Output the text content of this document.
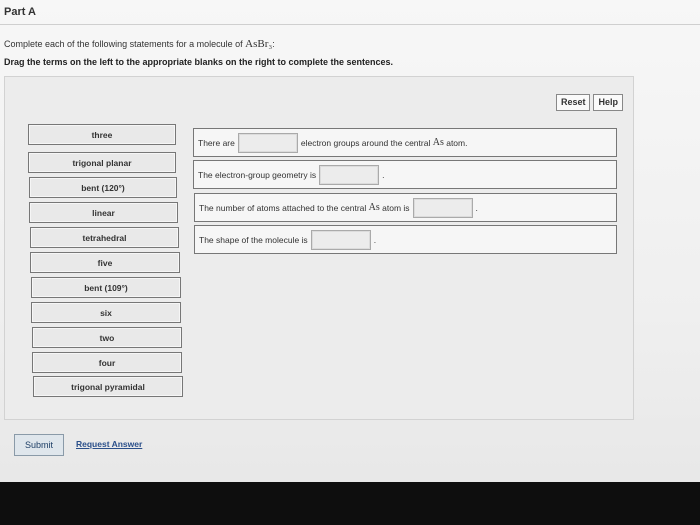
Part A
Complete each of the following statements for a molecule of AsBr₃:
Drag the terms on the left to the appropriate blanks on the right to complete the sentences.
Reset	Help
three
trigonal planar
bent (120°)
linear
tetrahedral
five
bent (109°)
six
two
four
trigonal pyramidal
There are	electron groups around the central
As
atom.
The electron-group geometry is	.
The number of atoms attached to the central
As
atom is	.
The shape of the molecule is	.
Submit	Request Answer
